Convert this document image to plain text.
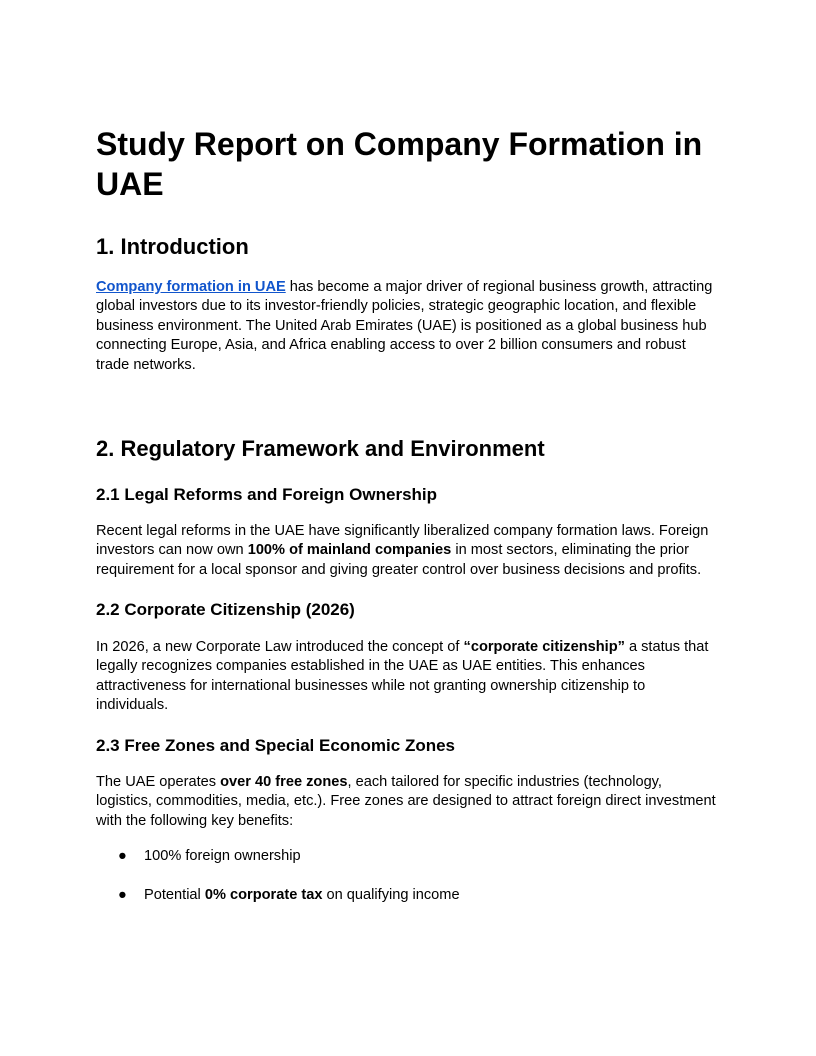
Study Report on Company Formation in UAE
1. Introduction

Company formation in UAE has become a major driver of regional business growth, attracting global investors due to its investor-friendly policies, strategic geographic location, and flexible business environment. The United Arab Emirates (UAE) is positioned as a global business hub connecting Europe, Asia, and Africa enabling access to over 2 billion consumers and robust trade networks.

2. Regulatory Framework and Environment
2.1 Legal Reforms and Foreign Ownership

Recent legal reforms in the UAE have significantly liberalized company formation laws. Foreign investors can now own 100% of mainland companies in most sectors, eliminating the prior requirement for a local sponsor and giving greater control over business decisions and profits.

2.2 Corporate Citizenship (2026)

In 2026, a new Corporate Law introduced the concept of “corporate citizenship” a status that legally recognizes companies established in the UAE as UAE entities. This enhances attractiveness for international businesses while not granting ownership citizenship to individuals.

2.3 Free Zones and Special Economic Zones

The UAE operates over 40 free zones, each tailored for specific industries (technology, logistics, commodities, media, etc.). Free zones are designed to attract foreign direct investment with the following key benefits:

● 100% foreign ownership
● Potential 0% corporate tax on qualifying income
